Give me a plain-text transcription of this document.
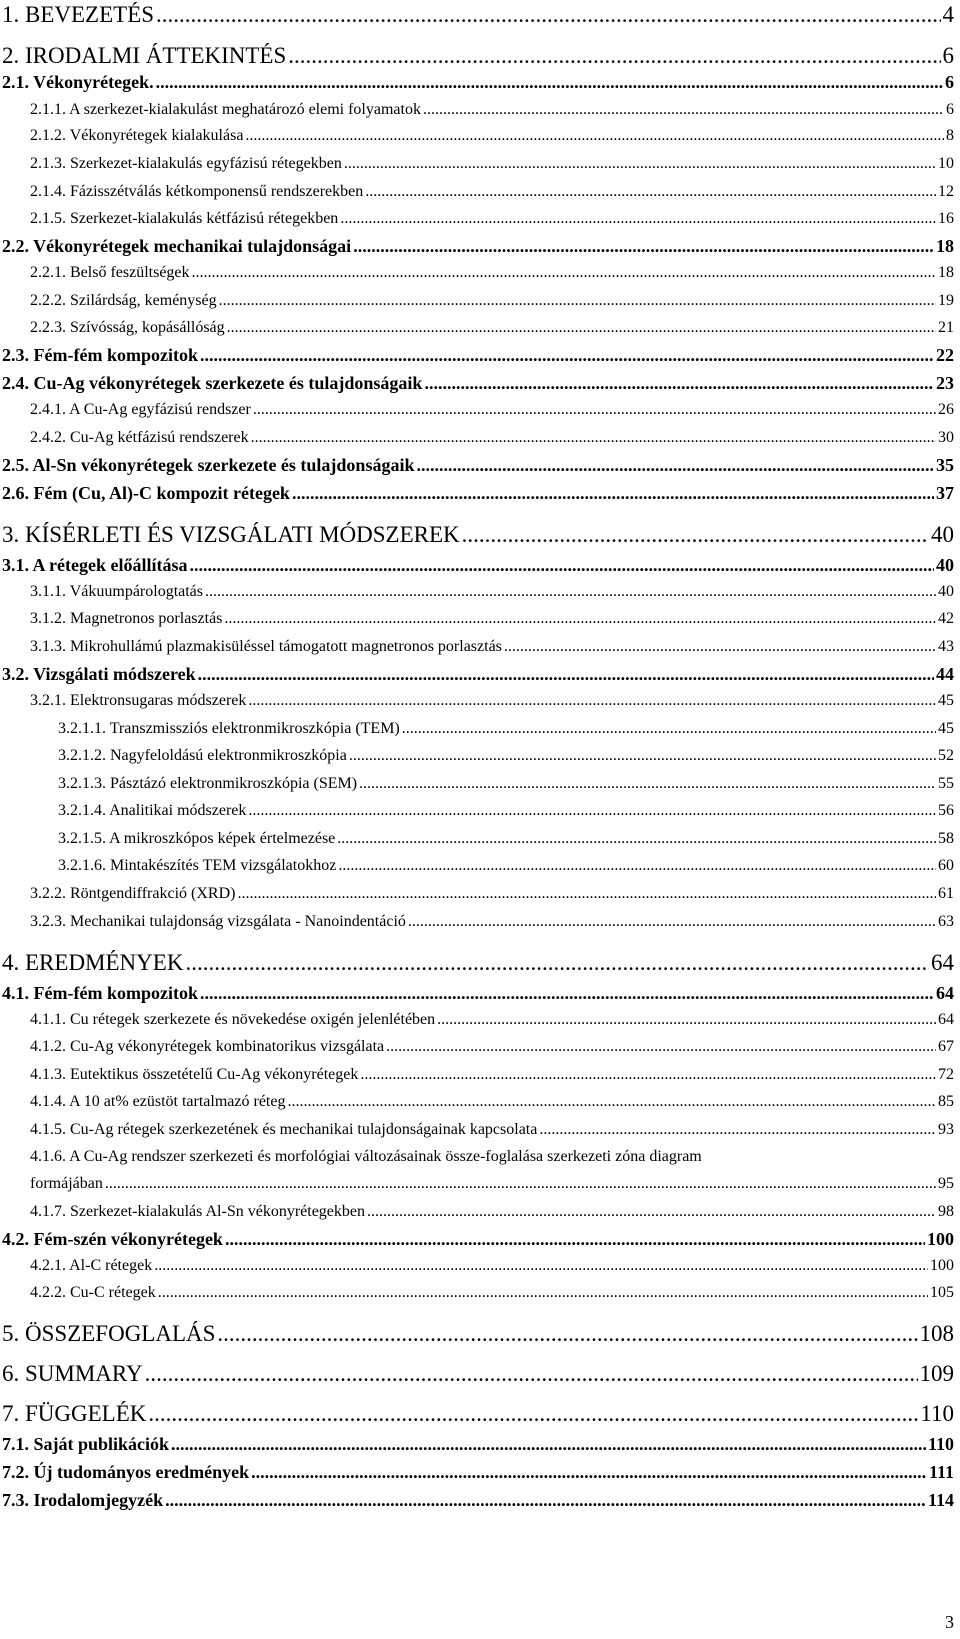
1. BEVEZETÉS .....	4
2. IRODALMI ÁTTEKINTÉS .....	6
2.1. Vékonyrétegek. .....	6
2.1.1. A szerkezet-kialakulást meghatározó elemi folyamatok .....	6
2.1.2. Vékonyrétegek kialakulása .....	8
2.1.3. Szerkezet-kialakulás egyfázisú rétegekben .....	10
2.1.4. Fázisszétválás kétkomponensű rendszerekben .....	12
2.1.5. Szerkezet-kialakulás kétfázisú rétegekben .....	16
2.2. Vékonyrétegek mechanikai tulajdonságai .....	18
2.2.1. Belső feszültségek .....	18
2.2.2. Szilárdság, keménység .....	19
2.2.3. Szívósság, kopásállóság .....	21
2.3. Fém-fém kompozitok .....	22
2.4. Cu-Ag vékonyrétegek szerkezete és tulajdonságaik .....	23
2.4.1. A Cu-Ag egyfázisú rendszer .....	26
2.4.2. Cu-Ag kétfázisú rendszerek .....	30
2.5. Al-Sn vékonyrétegek szerkezete és tulajdonságaik .....	35
2.6. Fém (Cu, Al)-C kompozit rétegek .....	37
3. KÍSÉRLETI ÉS VIZSGÁLATI MÓDSZEREK .....	40
3.1. A rétegek előállítása .....	40
3.1.1. Vákuumpárologtatás .....	40
3.1.2. Magnetronos porlasztás .....	42
3.1.3. Mikrohullámú plazmakisüléssel támogatott magnetronos porlasztás .....	43
3.2. Vizsgálati módszerek .....	44
3.2.1. Elektronsugaras módszerek .....	45
3.2.1.1. Transzmissziós elektronmikroszkópia (TEM) .....	45
3.2.1.2. Nagyfeloldású elektronmikroszkópia .....	52
3.2.1.3. Pásztázó elektronmikroszkópia (SEM) .....	55
3.2.1.4. Analitikai módszerek .....	56
3.2.1.5. A mikroszkópos képek értelmezése .....	58
3.2.1.6. Mintakészítés TEM vizsgálatokhoz .....	60
3.2.2. Röntgendiffrakció (XRD) .....	61
3.2.3. Mechanikai tulajdonság vizsgálata - Nanoindentáció .....	63
4. EREDMÉNYEK .....	64
4.1. Fém-fém kompozitok .....	64
4.1.1. Cu rétegek szerkezete és növekedése oxigén jelenlétében .....	64
4.1.2. Cu-Ag vékonyrétegek kombinatorikus vizsgálata .....	67
4.1.3. Eutektikus összetételű Cu-Ag vékonyrétegek .....	72
4.1.4. A 10 at% ezüstöt tartalmazó réteg .....	85
4.1.5. Cu-Ag rétegek szerkezetének és mechanikai tulajdonságainak kapcsolata .....	93
4.1.6. A Cu-Ag rendszer szerkezeti és morfológiai változásainak össze-foglalása szerkezeti zóna diagram
formájában .....	95
4.1.7. Szerkezet-kialakulás Al-Sn vékonyrétegekben .....	98
4.2. Fém-szén vékonyrétegek .....	100
4.2.1. Al-C rétegek .....	100
4.2.2. Cu-C rétegek .....	105
5. ÖSSZEFOGLALÁS .....	108
6. SUMMARY .....	109
7. FÜGGELÉK .....	110
7.1. Saját publikációk .....	110
7.2. Új tudományos eredmények .....	111
7.3. Irodalomjegyzék .....	114
3
